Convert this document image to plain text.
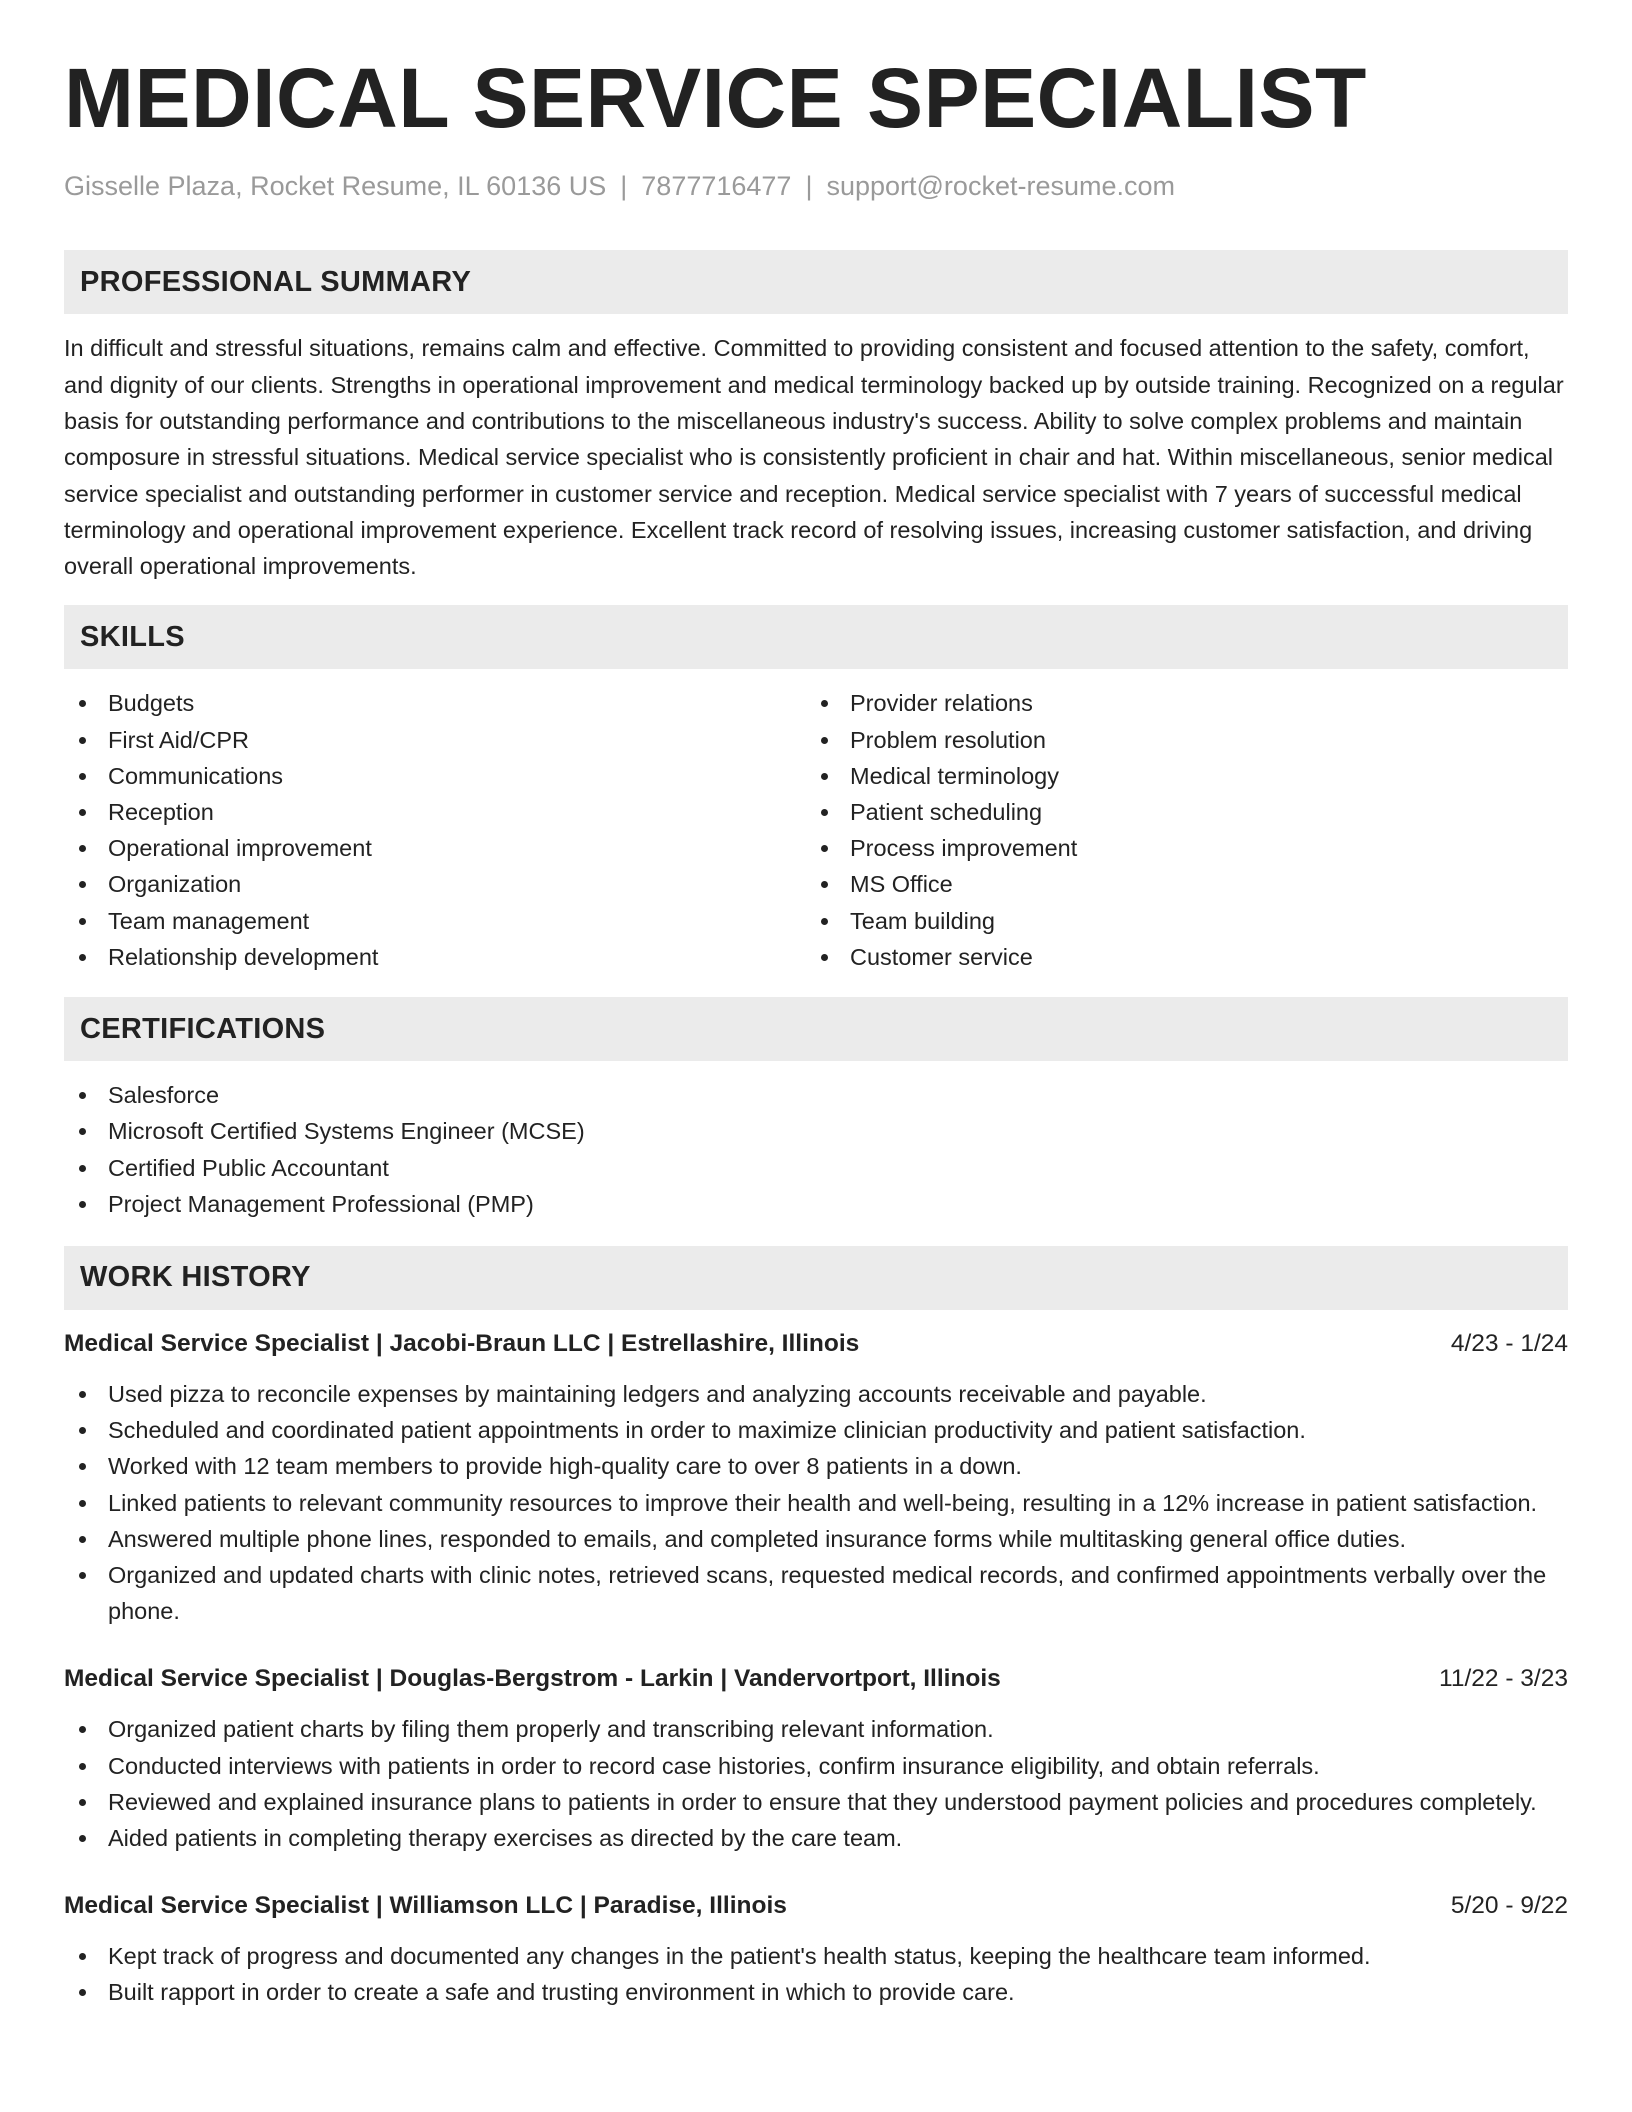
MEDICAL SERVICE SPECIALIST
Gisselle Plaza, Rocket Resume, IL 60136 US | 7877716477 | support@rocket-resume.com
PROFESSIONAL SUMMARY

In difficult and stressful situations, remains calm and effective. Committed to providing consistent and focused attention to the safety, comfort, and dignity of our clients. Strengths in operational improvement and medical terminology backed up by outside training. Recognized on a regular basis for outstanding performance and contributions to the miscellaneous industry's success. Ability to solve complex problems and maintain composure in stressful situations. Medical service specialist who is consistently proficient in chair and hat. Within miscellaneous, senior medical service specialist and outstanding performer in customer service and reception. Medical service specialist with 7 years of successful medical terminology and operational improvement experience. Excellent track record of resolving issues, increasing customer satisfaction, and driving overall operational improvements.

SKILLS
Budgets
First Aid/CPR
Communications
Reception
Operational improvement
Organization
Team management
Relationship development
Provider relations
Problem resolution
Medical terminology
Patient scheduling
Process improvement
MS Office
Team building
Customer service
CERTIFICATIONS
Salesforce
Microsoft Certified Systems Engineer (MCSE)
Certified Public Accountant
Project Management Professional (PMP)
WORK HISTORY
Medical Service Specialist | Jacobi-Braun LLC | Estrellashire, Illinois	4/23 - 1/24
Used pizza to reconcile expenses by maintaining ledgers and analyzing accounts receivable and payable.
Scheduled and coordinated patient appointments in order to maximize clinician productivity and patient satisfaction.
Worked with 12 team members to provide high-quality care to over 8 patients in a down.
Linked patients to relevant community resources to improve their health and well-being, resulting in a 12% increase in patient satisfaction.
Answered multiple phone lines, responded to emails, and completed insurance forms while multitasking general office duties.
Organized and updated charts with clinic notes, retrieved scans, requested medical records, and confirmed appointments verbally over the phone.
Medical Service Specialist | Douglas-Bergstrom - Larkin | Vandervortport, Illinois	11/22 - 3/23
Organized patient charts by filing them properly and transcribing relevant information.
Conducted interviews with patients in order to record case histories, confirm insurance eligibility, and obtain referrals.
Reviewed and explained insurance plans to patients in order to ensure that they understood payment policies and procedures completely.
Aided patients in completing therapy exercises as directed by the care team.
Medical Service Specialist | Williamson LLC | Paradise, Illinois	5/20 - 9/22
Kept track of progress and documented any changes in the patient's health status, keeping the healthcare team informed.
Built rapport in order to create a safe and trusting environment in which to provide care.
